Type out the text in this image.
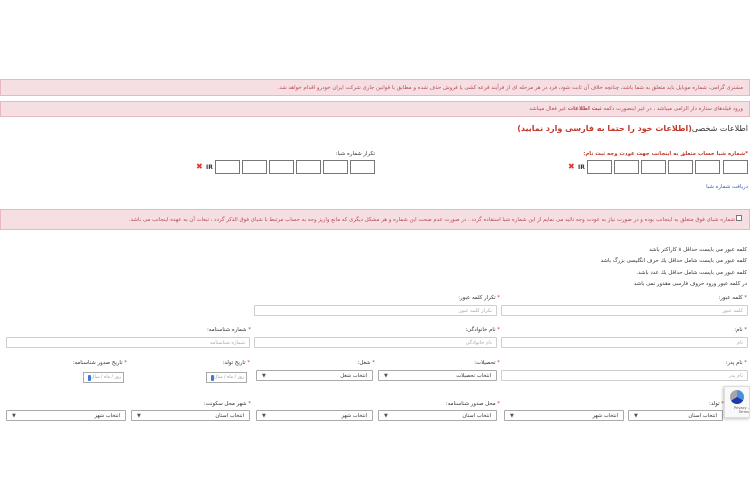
مشتری گرامی، شماره موبایل باید متعلق به شما باشد، چنانچه خلاف آن ثابت شود، فرد در هر مرحله ای از فرآیند قرعه کشی یا فروش حذف شده و مطابق با قوانین جاری شرکت ایران خودرو اقدام خواهد شد.
ورود فیلدهای ستاره دار الزامی میباشد ، در غیر اینصورت دکمه

ثبت اطلاعات

غیر فعال میباشد
اطلاعات شخصی(اطلاعات خود را حتما به فارسی وارد نمایید)
*شماره شبا حساب متعلق به اینجانب جهت عودت وجه ثبت نام:
تکرار شماره شبا:
IR
✖
IR
✖
دریافت شماره شبا
شماره شبای فوق متعلق به اینجانب بوده و در صورت نیاز به عودت وجه تائید می نمایم از این شماره شبا استفاده گردد . در صورت عدم صحت این شماره و هر مشکل دیگری که مانع واریز وجه به حساب مرتبط با شبای فوق الذکر گردد ، تبعات آن به عهده اینجانب می باشد.
کلمه عبور می بایست حداقل ۸ کاراکتر باشد
کلمه عبور می بایست شامل حداقل یك حرف انگلیسی بزرگ باشد
کلمه عبور می بایست شامل حداقل یك عدد باشد.
در کلمه عبور ورود حروف فارسی مقدور نمی باشد
* کلمه عبور:
کلمه عبور
* تکرار کلمه عبور:
تکرار کلمه عبور
* نام:
نام
* نام خانوادگی:
نام خانوادگی
* شماره شناسنامه:
شماره شناسنامه
* نام پدر:
نام پدر
* تحصیلات:
انتخاب تحصیلات
▼
* شغل:
انتخاب شغل
▼
* تاریخ تولد:
روز / ماه / سال
* تاریخ صدور شناسنامه:
روز / ماه / سال
* تولد:
انتخاب استان
▼
انتخاب شهر
▼
* محل صدور شناسنامه:
انتخاب استان
▼
انتخاب شهر
▼
* شهر محل سکونت:
انتخاب استان
▼
انتخاب شهر
▼
Privacy - Terms
